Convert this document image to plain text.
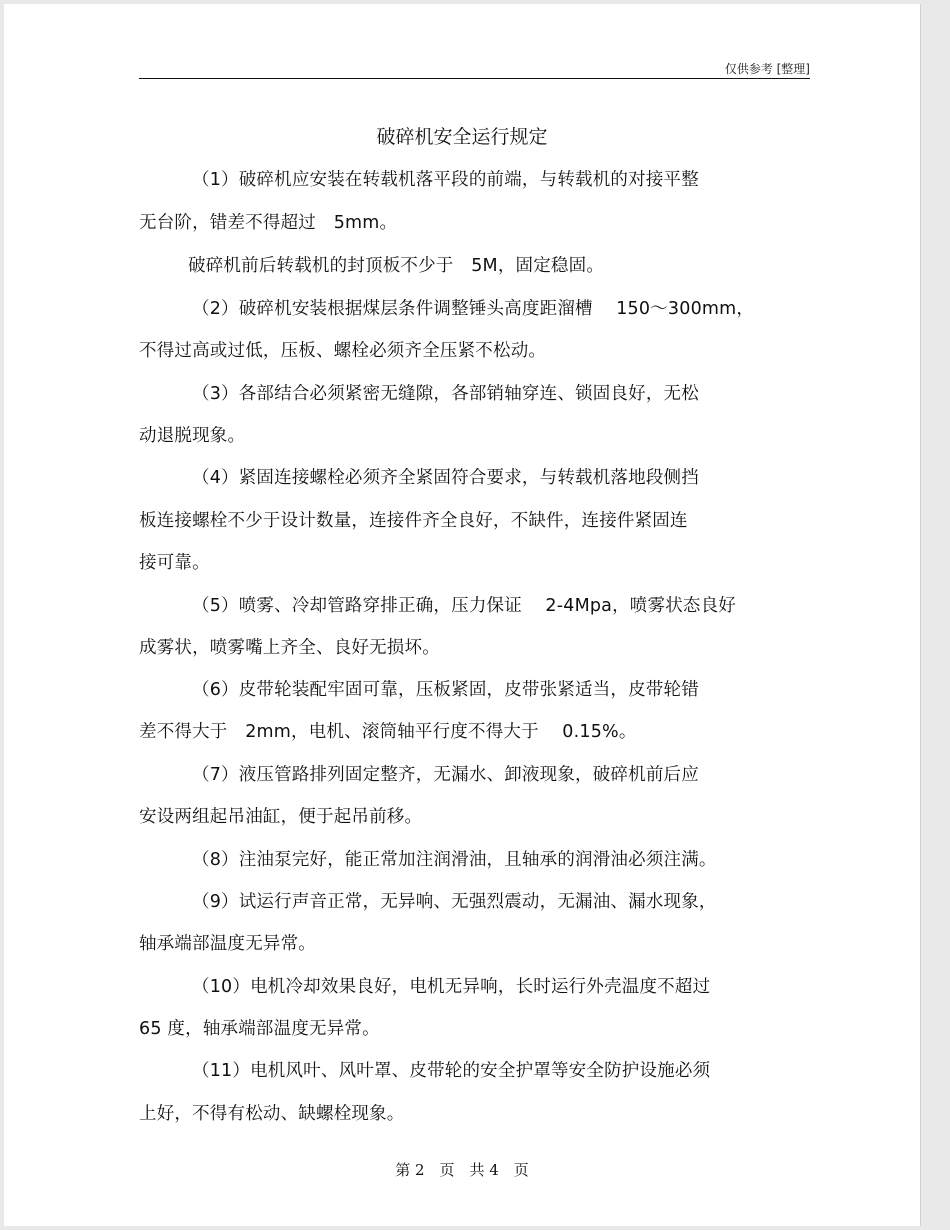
仅供参考 [整理]
破碎机安全运行规定
（1）破碎机应安装在转载机落平段的前端，与转载机的对接平整
无台阶，错差不得超过　5mm。
破碎机前后转载机的封顶板不少于　5M，固定稳固。
（2）破碎机安装根据煤层条件调整锤头高度距溜槽　 150～300mm，
不得过高或过低，压板、螺栓必须齐全压紧不松动。
（3）各部结合必须紧密无缝隙，各部销轴穿连、锁固良好，无松
动退脱现象。
（4）紧固连接螺栓必须齐全紧固符合要求，与转载机落地段侧挡
板连接螺栓不少于设计数量，连接件齐全良好，不缺件，连接件紧固连
接可靠。
（5）喷雾、冷却管路穿排正确，压力保证　 2-4Mpa，喷雾状态良好
成雾状，喷雾嘴上齐全、良好无损坏。
（6）皮带轮装配牢固可靠，压板紧固，皮带张紧适当，皮带轮错
差不得大于　2mm，电机、滚筒轴平行度不得大于　 0.15%。
（7）液压管路排列固定整齐，无漏水、卸液现象，破碎机前后应
安设两组起吊油缸，便于起吊前移。
（8）注油泵完好，能正常加注润滑油，且轴承的润滑油必须注满。
（9）试运行声音正常，无异响、无强烈震动，无漏油、漏水现象，
轴承端部温度无异常。
（10）电机冷却效果良好，电机无异响，长时运行外壳温度不超过
65 度，轴承端部温度无异常。
（11）电机风叶、风叶罩、皮带轮的安全护罩等安全防护设施必须
上好，不得有松动、缺螺栓现象。
第 2　页　共 4　页
